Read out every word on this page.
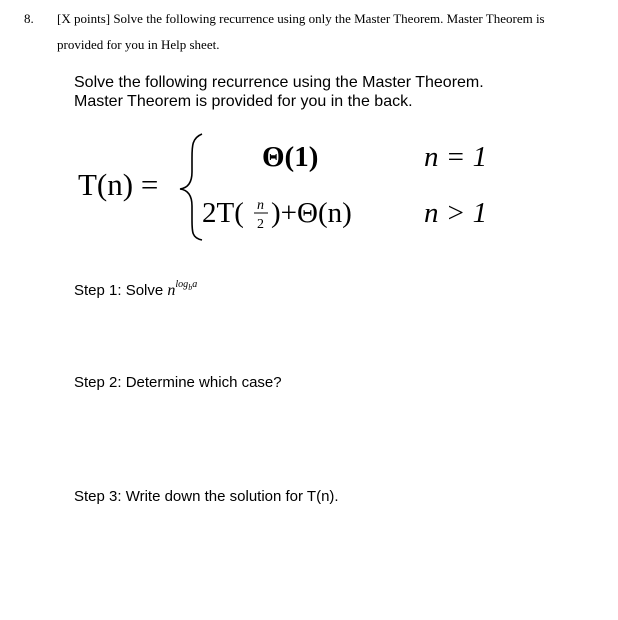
8. [X points] Solve the following recurrence using only the Master Theorem. Master Theorem is
provided for you in Help sheet.
Solve the following recurrence using the Master Theorem.
Master Theorem is provided for you in the back.
T(n) =
Θ(1)	n = 1
2T( n
2 )+Θ(n) n > 1
Step 1: Solve $n^{log_ba}$
Step 2: Determine which case?
Step 3: Write down the solution for T(n).
